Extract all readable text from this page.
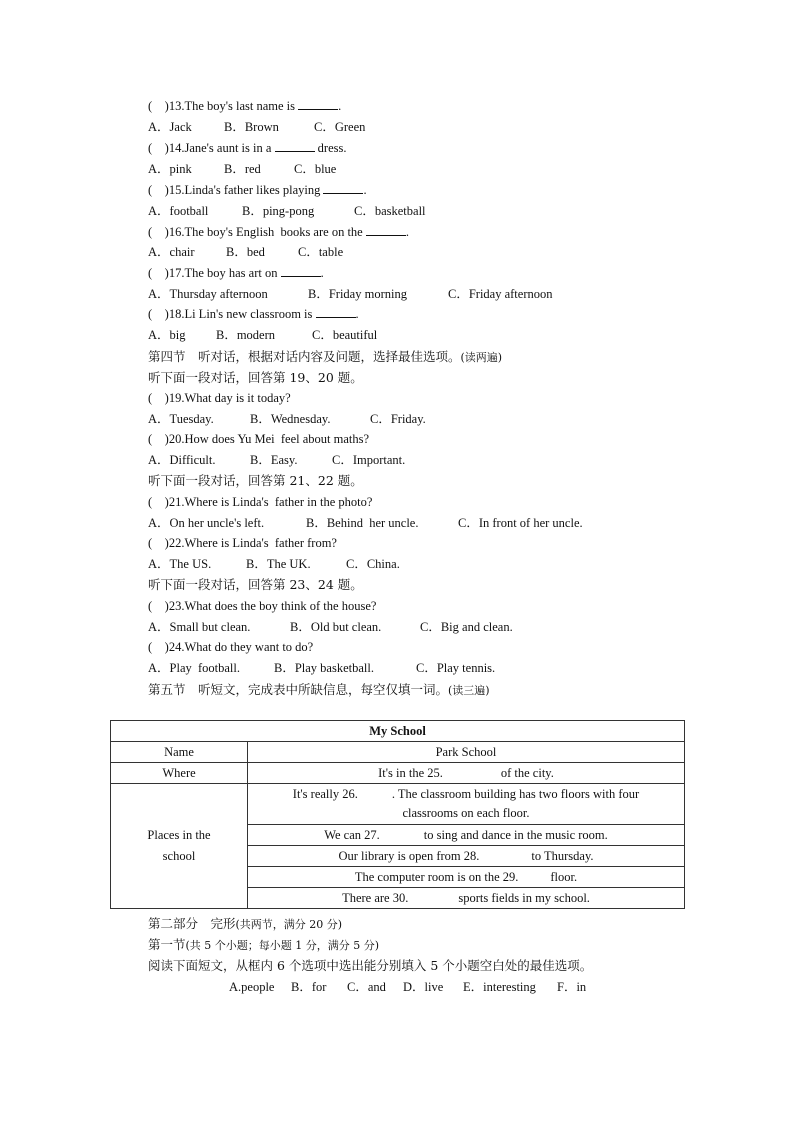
(    )13.The boy's last name is	.
A．Jack	B．Brown	C．Green
(    )14.Jane's aunt is in a	dress.
A．pink	B．red	C．blue
(    )15.Linda's father likes playing	.
A．football	B．ping-pong	C．basketball
(    )16.The boy's English  books are on the	.
A．chair	B．bed	C．table
(    )17.The boy has art on	.
A．Thursday afternoon	B．Friday morning	C．Friday afternoon
(    )18.Li Lin's new classroom is	.
A．big B．modern	C．beautiful
第四节　听对话，根据对话内容及问题，选择最佳选项。(读两遍)
听下面一段对话，回答第 19、20 题。
(    )19.What day is it today?
A．Tuesday.	B．Wednesday.	C．Friday.
(    )20.How does Yu Mei  feel about maths?
A．Difficult.	B．Easy.	C．Important.
听下面一段对话，回答第 21、22 题。
(    )21.Where is Linda's  father in the photo?
A．On her uncle's left.	B．Behind  her uncle.	C．In front of her uncle.
(    )22.Where is Linda's  father from?
A．The US.	B．The UK.	C．China.
听下面一段对话，回答第 23、24 题。
(    )23.What does the boy think of the house?
A．Small but clean.	B．Old but clean.	C．Big and clean.
(    )24.What do they want to do?
A．Play  football.	B．Play basketball.	C．Play tennis.
第五节　听短文，完成表中所缺信息，每空仅填一词。(读三遍)
My School	
Name	Park School
Where	It's in the 25. of the city.
Places in the
school	It's really 26. . The classroom building has two floors with four
classrooms on each floor.
	We can 27. to sing and dance in the music room.
	Our library is open from 28. to Thursday.
	The computer room is on the 29. floor.
	There are 30. sports fields in my school.
第二部分　完形(共两节，满分 20 分)
第一节(共 5 个小题；每小题 1 分，满分 5 分)
阅读下面短文，从框内 6 个选项中选出能分别填入 5 个小题空白处的最佳选项。
A.people B．for C．and D．live E．interesting F．in
